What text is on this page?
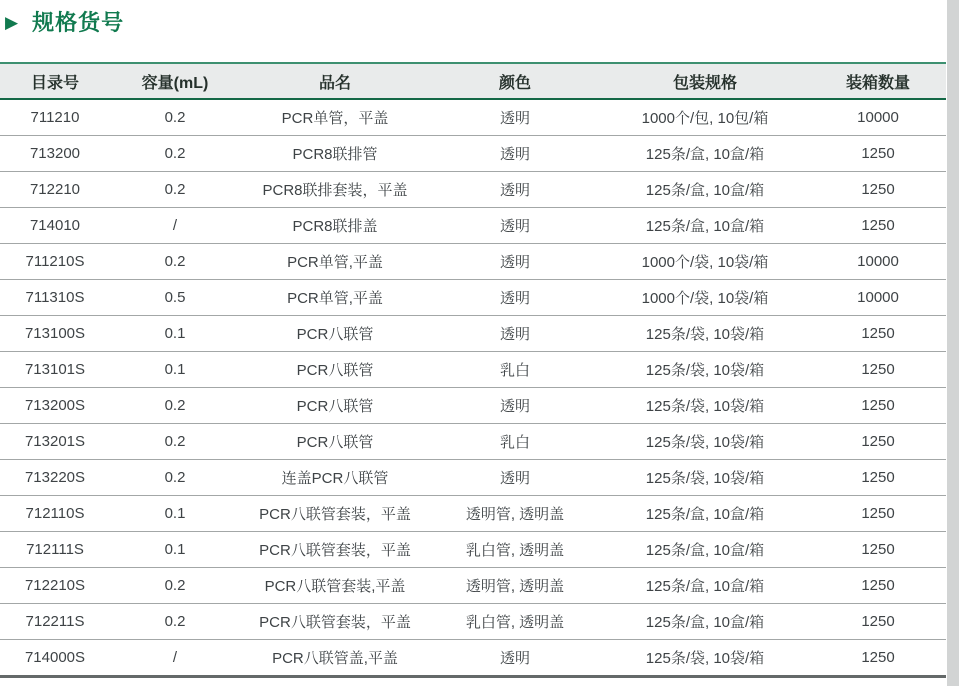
▶ 规格货号
目录号	容量(mL)	品名	颜色	包装规格	装箱数量
711210	0.2	PCR单管，平盖	透明	1000个/包, 10包/箱	10000
713200	0.2	PCR8联排管	透明	125条/盒, 10盒/箱	1250
712210	0.2	PCR8联排套装，平盖	透明	125条/盒, 10盒/箱	1250
714010	/	PCR8联排盖	透明	125条/盒, 10盒/箱	1250
711210S	0.2	PCR单管,平盖	透明	1000个/袋, 10袋/箱	10000
711310S	0.5	PCR单管,平盖	透明	1000个/袋, 10袋/箱	10000
713100S	0.1	PCR八联管	透明	125条/袋, 10袋/箱	1250
713101S	0.1	PCR八联管	乳白	125条/袋, 10袋/箱	1250
713200S	0.2	PCR八联管	透明	125条/袋, 10袋/箱	1250
713201S	0.2	PCR八联管	乳白	125条/袋, 10袋/箱	1250
713220S	0.2	连盖PCR八联管	透明	125条/袋, 10袋/箱	1250
712110S	0.1	PCR八联管套装，平盖	透明管, 透明盖	125条/盒, 10盒/箱	1250
712111S	0.1	PCR八联管套装，平盖	乳白管, 透明盖	125条/盒, 10盒/箱	1250
712210S	0.2	PCR八联管套装,平盖	透明管, 透明盖	125条/盒, 10盒/箱	1250
712211S	0.2	PCR八联管套装，平盖	乳白管, 透明盖	125条/盒, 10盒/箱	1250
714000S	/	PCR八联管盖,平盖	透明	125条/袋, 10袋/箱	1250
